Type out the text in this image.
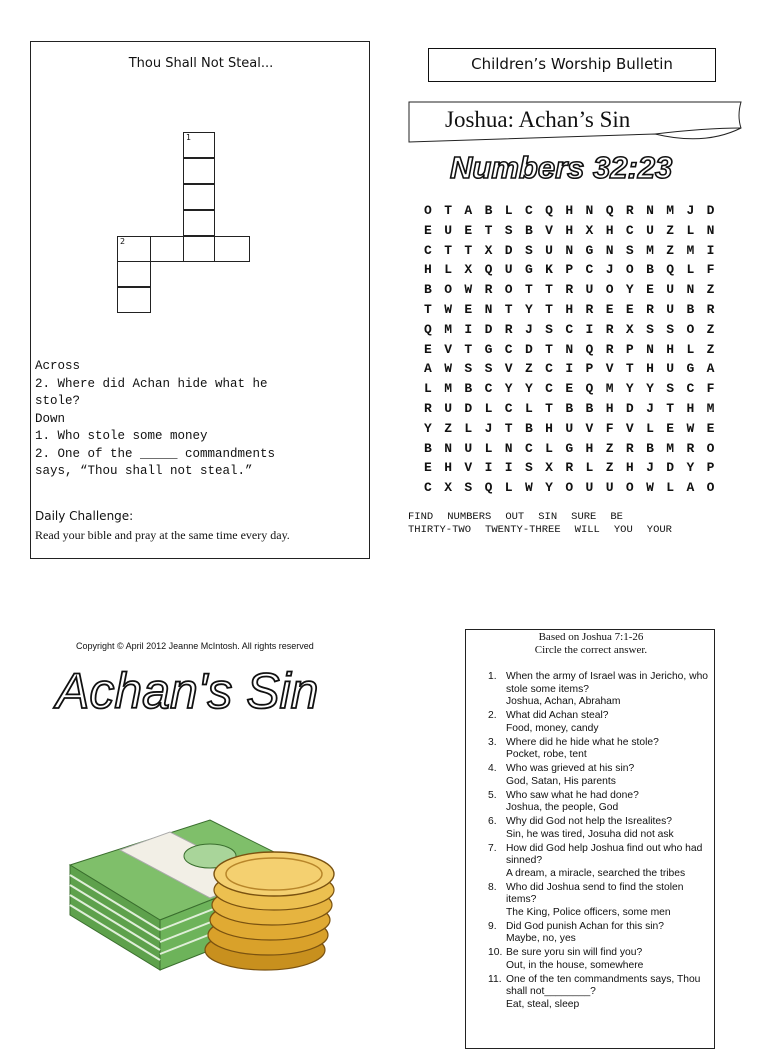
Thou Shall Not Steal...
1
2
Across
2. Where did Achan hide what he
stole?
Down
1. Who stole some money
2. One of the _____ commandments
says, “Thou shall not steal.”
Daily Challenge:
Read your bible and pray at the same time every day.
Children’s Worship Bulletin
Joshua: Achan’s Sin
Numbers 32:23
O T A B L C Q H N Q R N M J D
E U E T S B V H X H C U Z L N
C T T X D S U N G N S M Z M I
H L X Q U G K P C J O B Q L F
B O W R O T T R U O Y E U N Z
T W E N T Y T H R E E R U B R
Q M I D R J S C I R X S S O Z
E V T G C D T N Q R P N H L Z
A W S S V Z C I P V T H U G A
L M B C Y Y C E Q M Y Y S C F
R U D L C L T B B H D J T H M
Y Z L J T B H U V F V L E W E
B N U L N C L G H Z R B M R O
E H V I I S X R L Z H J D Y P
C X S Q L W Y O U U O W L A O
FIND NUMBERS OUT SIN SURE BE
THIRTY-TWO TWENTY-THREE WILL YOU YOUR
Copyright © April 2012 Jeanne McIntosh. All rights reserved
Achan's Sin
Based on Joshua 7:1-26
Circle the correct answer.
1. When the army of Israel was in Jericho, who stole some items?
Joshua, Achan, Abraham
2. What did Achan steal?
Food, money, candy
3. Where did he hide what he stole?
Pocket, robe, tent
4. Who was grieved at his sin?
God, Satan, His parents
5. Who saw what he had done?
Joshua, the people, God
6. Why did God not help the Isrealites?
Sin, he was tired, Josuha did not ask
7. How did God help Joshua find out who had sinned?
A dream, a miracle, searched the tribes
8. Who did Joshua send to find the stolen items?
The King, Police officers, some men
9. Did God punish Achan for this sin?
Maybe, no, yes
10. Be sure yoru sin will find you?
Out, in the house, somewhere
11. One of the ten commandments says, Thou shall not________?
Eat, steal, sleep
